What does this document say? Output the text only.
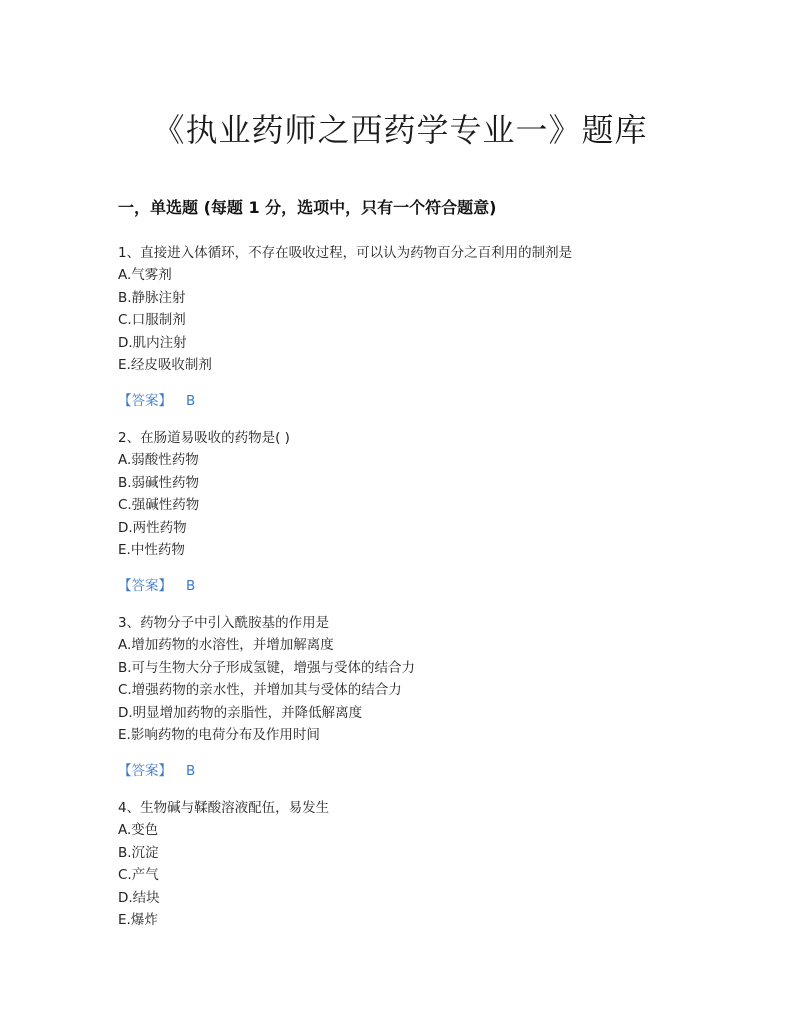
《执业药师之西药学专业一》题库
一，单选题 (每题 1 分，选项中，只有一个符合题意)
1、直接进入体循环，不存在吸收过程，可以认为药物百分之百利用的制剂是
A.气雾剂
B.静脉注射
C.口服制剂
D.肌内注射
E.经皮吸收制剂
【答案】 B
2、在肠道易吸收的药物是( )
A.弱酸性药物
B.弱碱性药物
C.强碱性药物
D.两性药物
E.中性药物
【答案】 B
3、药物分子中引入酰胺基的作用是
A.增加药物的水溶性，并增加解离度
B.可与生物大分子形成氢键，增强与受体的结合力
C.增强药物的亲水性，并增加其与受体的结合力
D.明显增加药物的亲脂性，并降低解离度
E.影响药物的电荷分布及作用时间
【答案】 B
4、生物碱与鞣酸溶液配伍，易发生
A.变色
B.沉淀
C.产气
D.结块
E.爆炸
